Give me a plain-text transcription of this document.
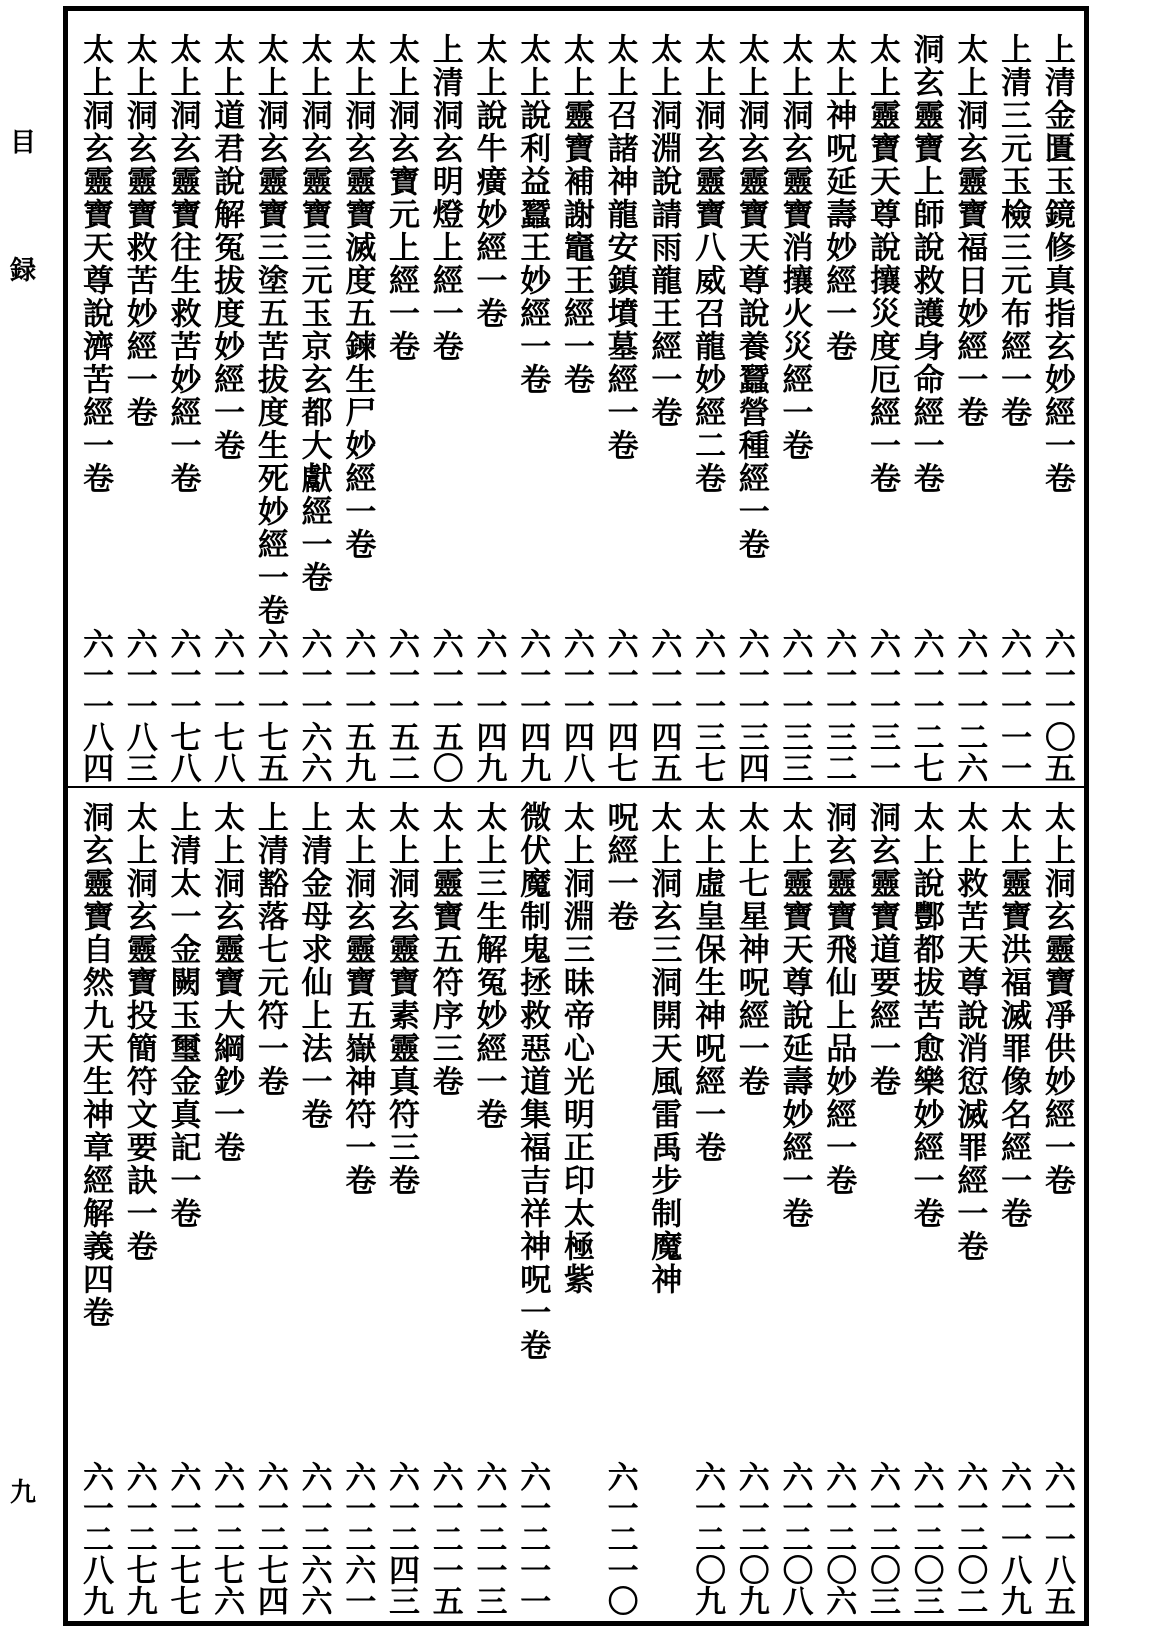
目
録
九
上清金匱玉鏡修真指玄妙經一卷
六一一〇五
上清三元玉檢三元布經一卷
六一一一一
太上洞玄靈寶福日妙經一卷
六一一二六
洞玄靈寶上師說救護身命經一卷
六一一二七
太上靈寶天尊說攘災度厄經一卷
六一一三一
太上神呪延壽妙經一卷
六一一三二
太上洞玄靈寶消攘火災經一卷
六一一三三
太上洞玄靈寶天尊說養蠶營種經一卷
六一一三四
太上洞玄靈寶八威召龍妙經二卷
六一一三七
太上洞淵說請雨龍王經一卷
六一一四五
太上召諸神龍安鎮墳墓經一卷
六一一四七
太上靈寶補謝竈王經一卷
六一一四八
太上說利益蠶王妙經一卷
六一一四九
太上說牛癀妙經一卷
六一一四九
上清洞玄明燈上經一卷
六一一五〇
太上洞玄寶元上經一卷
六一一五二
太上洞玄靈寶滅度五鍊生尸妙經一卷
六一一五九
太上洞玄靈寶三元玉京玄都大獻經一卷
六一一六六
太上洞玄靈寶三塗五苦拔度生死妙經一卷
六一一七五
太上道君說解冤拔度妙經一卷
六一一七八
太上洞玄靈寶往生救苦妙經一卷
六一一七八
太上洞玄靈寶救苦妙經一卷
六一一八三
太上洞玄靈寶天尊說濟苦經一卷
六一一八四
太上洞玄靈寶凈供妙經一卷
六一一八五
太上靈寶洪福滅罪像名經一卷
六一一八九
太上救苦天尊說消愆滅罪經一卷
六一二〇二
太上說酆都拔苦愈樂妙經一卷
六一二〇三
洞玄靈寶道要經一卷
六一二〇三
洞玄靈寶飛仙上品妙經一卷
六一二〇六
太上靈寶天尊說延壽妙經一卷
六一二〇八
太上七星神呪經一卷
六一二〇九
太上虛皇保生神呪經一卷
六一二〇九
太上洞玄三洞開天風雷禹步制魔神
呪經一卷
六一二一〇
太上洞淵三昧帝心光明正印太極紫
微伏魔制鬼拯救惡道集福吉祥神呪一卷
六一二一一
太上三生解冤妙經一卷
六一二一三
太上靈寶五符序三卷
六一二一五
太上洞玄靈寶素靈真符三卷
六一二四三
太上洞玄靈寶五嶽神符一卷
六一二六一
上清金母求仙上法一卷
六一二六六
上清豁落七元符一卷
六一二七四
太上洞玄靈寶大綱鈔一卷
六一二七六
上清太一金闕玉璽金真記一卷
六一二七七
太上洞玄靈寶投簡符文要訣一卷
六一二七九
洞玄靈寶自然九天生神章經解義四卷
六一二八九
